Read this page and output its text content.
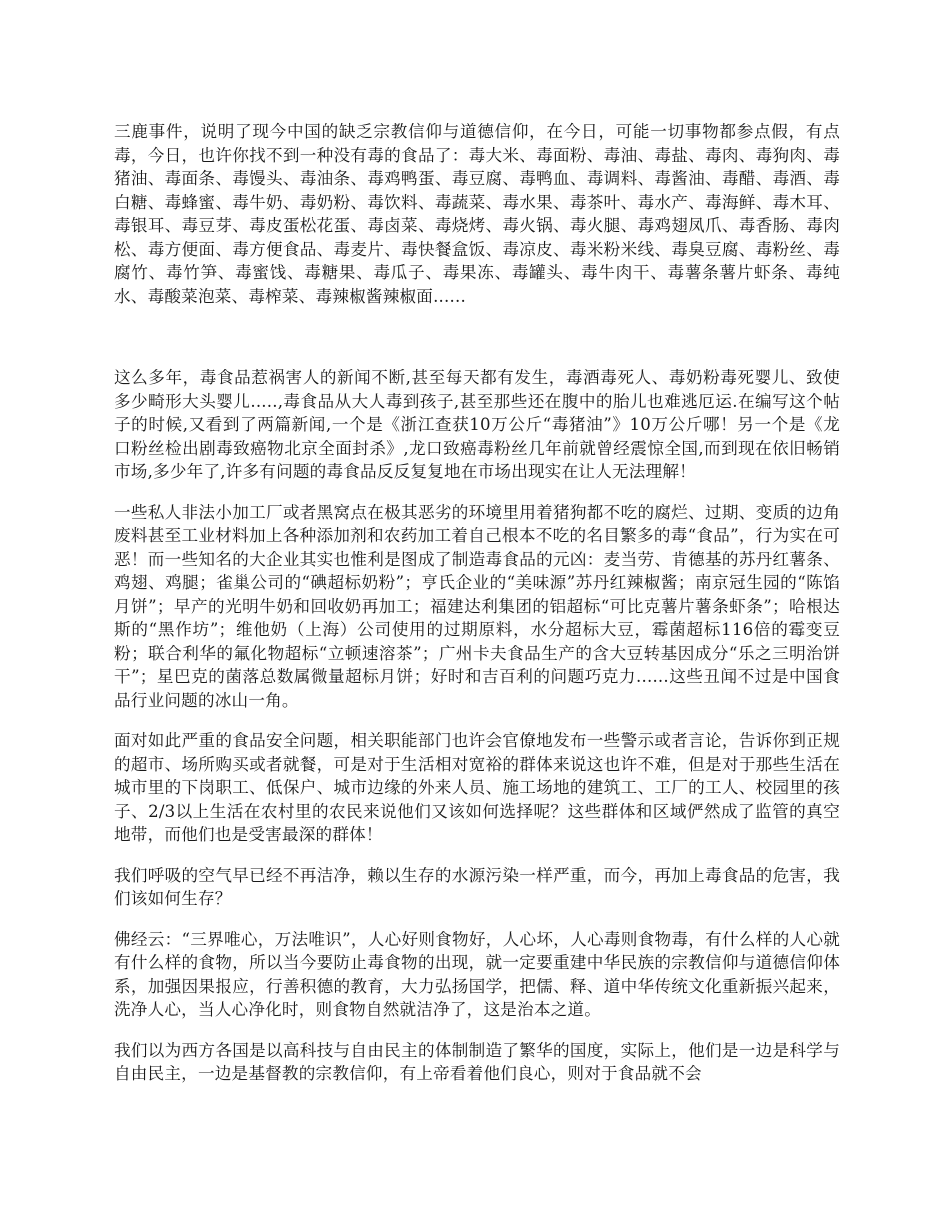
三鹿事件，说明了现今中国的缺乏宗教信仰与道德信仰，在今日，可能一切事物都参点假，有点毒，今日，也许你找不到一种没有毒的食品了：毒大米、毒面粉、毒油、毒盐、毒肉、毒狗肉、毒猪油、毒面条、毒馒头、毒油条、毒鸡鸭蛋、毒豆腐、毒鸭血、毒调料、毒酱油、毒醋、毒酒、毒白糖、毒蜂蜜、毒牛奶、毒奶粉、毒饮料、毒蔬菜、毒水果、毒茶叶、毒水产、毒海鲜、毒木耳、毒银耳、毒豆芽、毒皮蛋松花蛋、毒卤菜、毒烧烤、毒火锅、毒火腿、毒鸡翅凤爪、毒香肠、毒肉松、毒方便面、毒方便食品、毒麦片、毒快餐盒饭、毒凉皮、毒米粉米线、毒臭豆腐、毒粉丝、毒腐竹、毒竹笋、毒蜜饯、毒糖果、毒瓜子、毒果冻、毒罐头、毒牛肉干、毒薯条薯片虾条、毒纯水、毒酸菜泡菜、毒榨菜、毒辣椒酱辣椒面......

这么多年，毒食品惹祸害人的新闻不断,甚至每天都有发生，毒酒毒死人、毒奶粉毒死婴儿、致使多少畸形大头婴儿.....,毒食品从大人毒到孩子,甚至那些还在腹中的胎儿也难逃厄运.在编写这个帖子的时候,又看到了两篇新闻,一个是《浙江查获10万公斤“毒猪油”》10万公斤哪！另一个是《龙口粉丝检出剧毒致癌物北京全面封杀》,龙口致癌毒粉丝几年前就曾经震惊全国,而到现在依旧畅销市场,多少年了,许多有问题的毒食品反反复复地在市场出现实在让人无法理解！

一些私人非法小加工厂或者黑窝点在极其恶劣的环境里用着猪狗都不吃的腐烂、过期、变质的边角废料甚至工业材料加上各种添加剂和农药加工着自己根本不吃的名目繁多的毒“食品”，行为实在可恶！而一些知名的大企业其实也惟利是图成了制造毒食品的元凶：麦当劳、肯德基的苏丹红薯条、鸡翅、鸡腿；雀巢公司的“碘超标奶粉”；亨氏企业的“美味源”苏丹红辣椒酱；南京冠生园的“陈馅月饼”；早产的光明牛奶和回收奶再加工；福建达利集团的铝超标“可比克薯片薯条虾条”；哈根达斯的“黑作坊”；维他奶（上海）公司使用的过期原料，水分超标大豆，霉菌超标116倍的霉变豆粉；联合利华的氟化物超标“立顿速溶茶”；广州卡夫食品生产的含大豆转基因成分“乐之三明治饼干”；星巴克的菌落总数属微量超标月饼；好时和吉百利的问题巧克力......这些丑闻不过是中国食品行业问题的冰山一角。

面对如此严重的食品安全问题，相关职能部门也许会官僚地发布一些警示或者言论，告诉你到正规的超市、场所购买或者就餐，可是对于生活相对宽裕的群体来说这也许不难，但是对于那些生活在城市里的下岗职工、低保户、城市边缘的外来人员、施工场地的建筑工、工厂的工人、校园里的孩子、2/3以上生活在农村里的农民来说他们又该如何选择呢？这些群体和区域俨然成了监管的真空地带，而他们也是受害最深的群体！

我们呼吸的空气早已经不再洁净，赖以生存的水源污染一样严重，而今，再加上毒食品的危害，我们该如何生存？

佛经云：“三界唯心，万法唯识”，人心好则食物好，人心坏，人心毒则食物毒，有什么样的人心就有什么样的食物，所以当今要防止毒食物的出现，就一定要重建中华民族的宗教信仰与道德信仰体系，加强因果报应，行善积德的教育，大力弘扬国学，把儒、释、道中华传统文化重新振兴起来，洗净人心，当人心净化时，则食物自然就洁净了，这是治本之道。

我们以为西方各国是以高科技与自由民主的体制制造了繁华的国度，实际上，他们是一边是科学与自由民主，一边是基督教的宗教信仰，有上帝看着他们良心，则对于食品就不会
